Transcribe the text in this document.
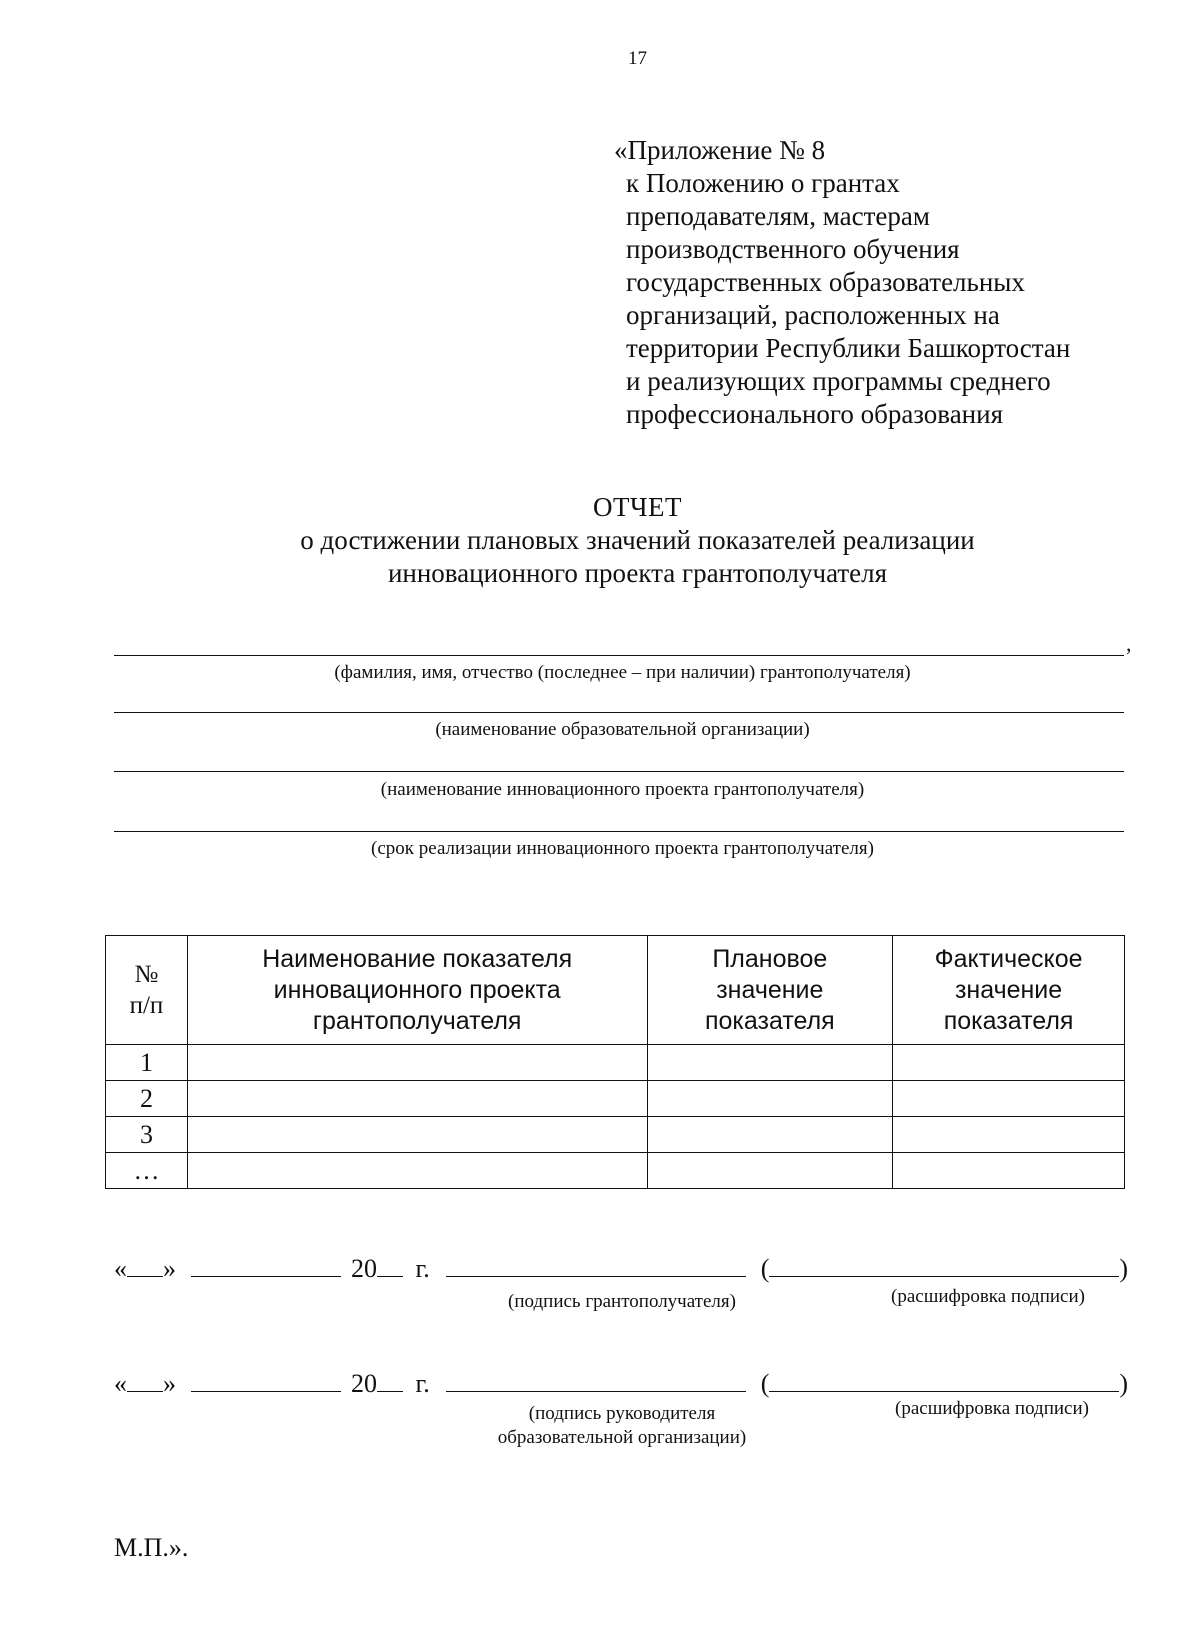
17
«Приложение № 8
к Положению о грантах
преподавателям, мастерам
производственного обучения
государственных образовательных
организаций, расположенных на
территории Республики Башкортостан
и реализующих программы среднего
профессионального образования
ОТЧЕТ
о достижении плановых значений показателей реализации
инновационного проекта грантополучателя
,
(фамилия, имя, отчество (последнее – при наличии) грантополучателя)
(наименование образовательной организации)
(наименование инновационного проекта грантополучателя)
(срок реализации инновационного проекта грантополучателя)
№ п/п	Наименование показателя инновационного проекта грантополучателя	Плановое значение показателя	Фактическое значение показателя
1			
2			
3			
…			
« »	20 г.	(	)
(подпись грантополучателя)	(расшифровка подписи)
« »	20 г.	(	)
(подпись руководителя
образовательной организации)
(расшифровка подписи)
М.П.».
